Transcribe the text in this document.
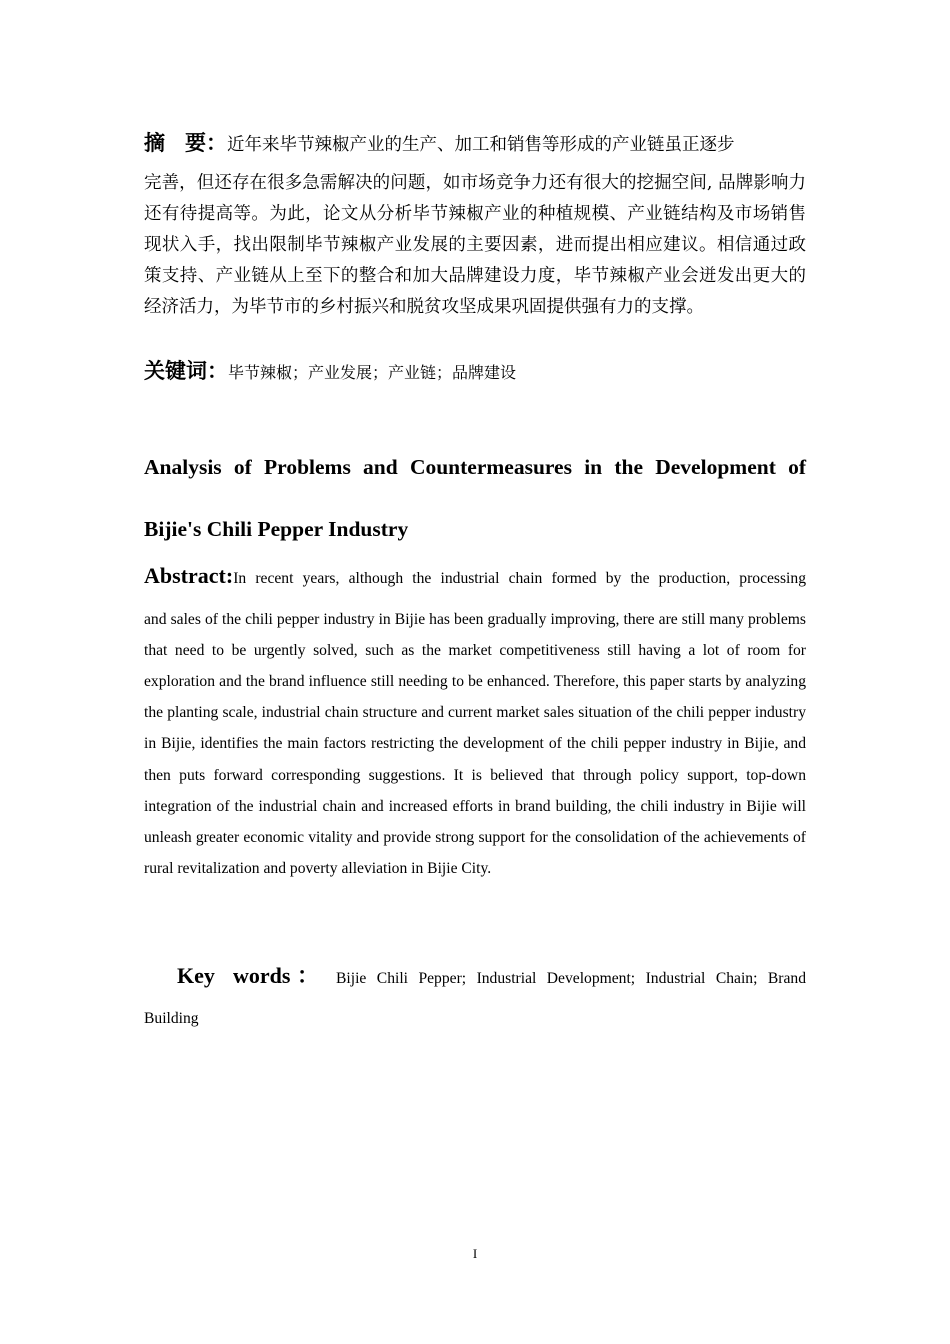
摘 要：近年来毕节辣椒产业的生产、加工和销售等形成的产业链虽正逐步
完善，但还存在很多急需解决的问题，如市场竞争力还有很大的挖掘空间, 品牌影响力还有待提高等。为此，论文从分析毕节辣椒产业的种植规模、产业链结构及市场销售现状入手，找出限制毕节辣椒产业发展的主要因素，进而提出相应建议。相信通过政策支持、产业链从上至下的整合和加大品牌建设力度，毕节辣椒产业会迸发出更大的经济活力，为毕节市的乡村振兴和脱贫攻坚成果巩固提供强有力的支撑。
关键词：毕节辣椒；产业发展；产业链；品牌建设
Analysis of Problems and Countermeasures in the Development of
Bijie's Chili Pepper Industry
Abstract:In recent years, although the industrial chain formed by the production, processing
and sales of the chili pepper industry in Bijie has been gradually improving, there are still many problems that need to be urgently solved, such as the market competitiveness still having a lot of room for exploration and the brand influence still needing to be enhanced. Therefore, this paper starts by analyzing the planting scale, industrial chain structure and current market sales situation of the chili pepper industry in Bijie, identifies the main factors restricting the development of the chili pepper industry in Bijie, and then puts forward corresponding suggestions. It is believed that through policy support, top-down integration of the industrial chain and increased efforts in brand building, the chili industry in Bijie will unleash greater economic vitality and provide strong support for the consolidation of the achievements of rural revitalization and poverty alleviation in Bijie City.
Key words： Bijie Chili Pepper; Industrial Development; Industrial Chain; Brand
Building
I
